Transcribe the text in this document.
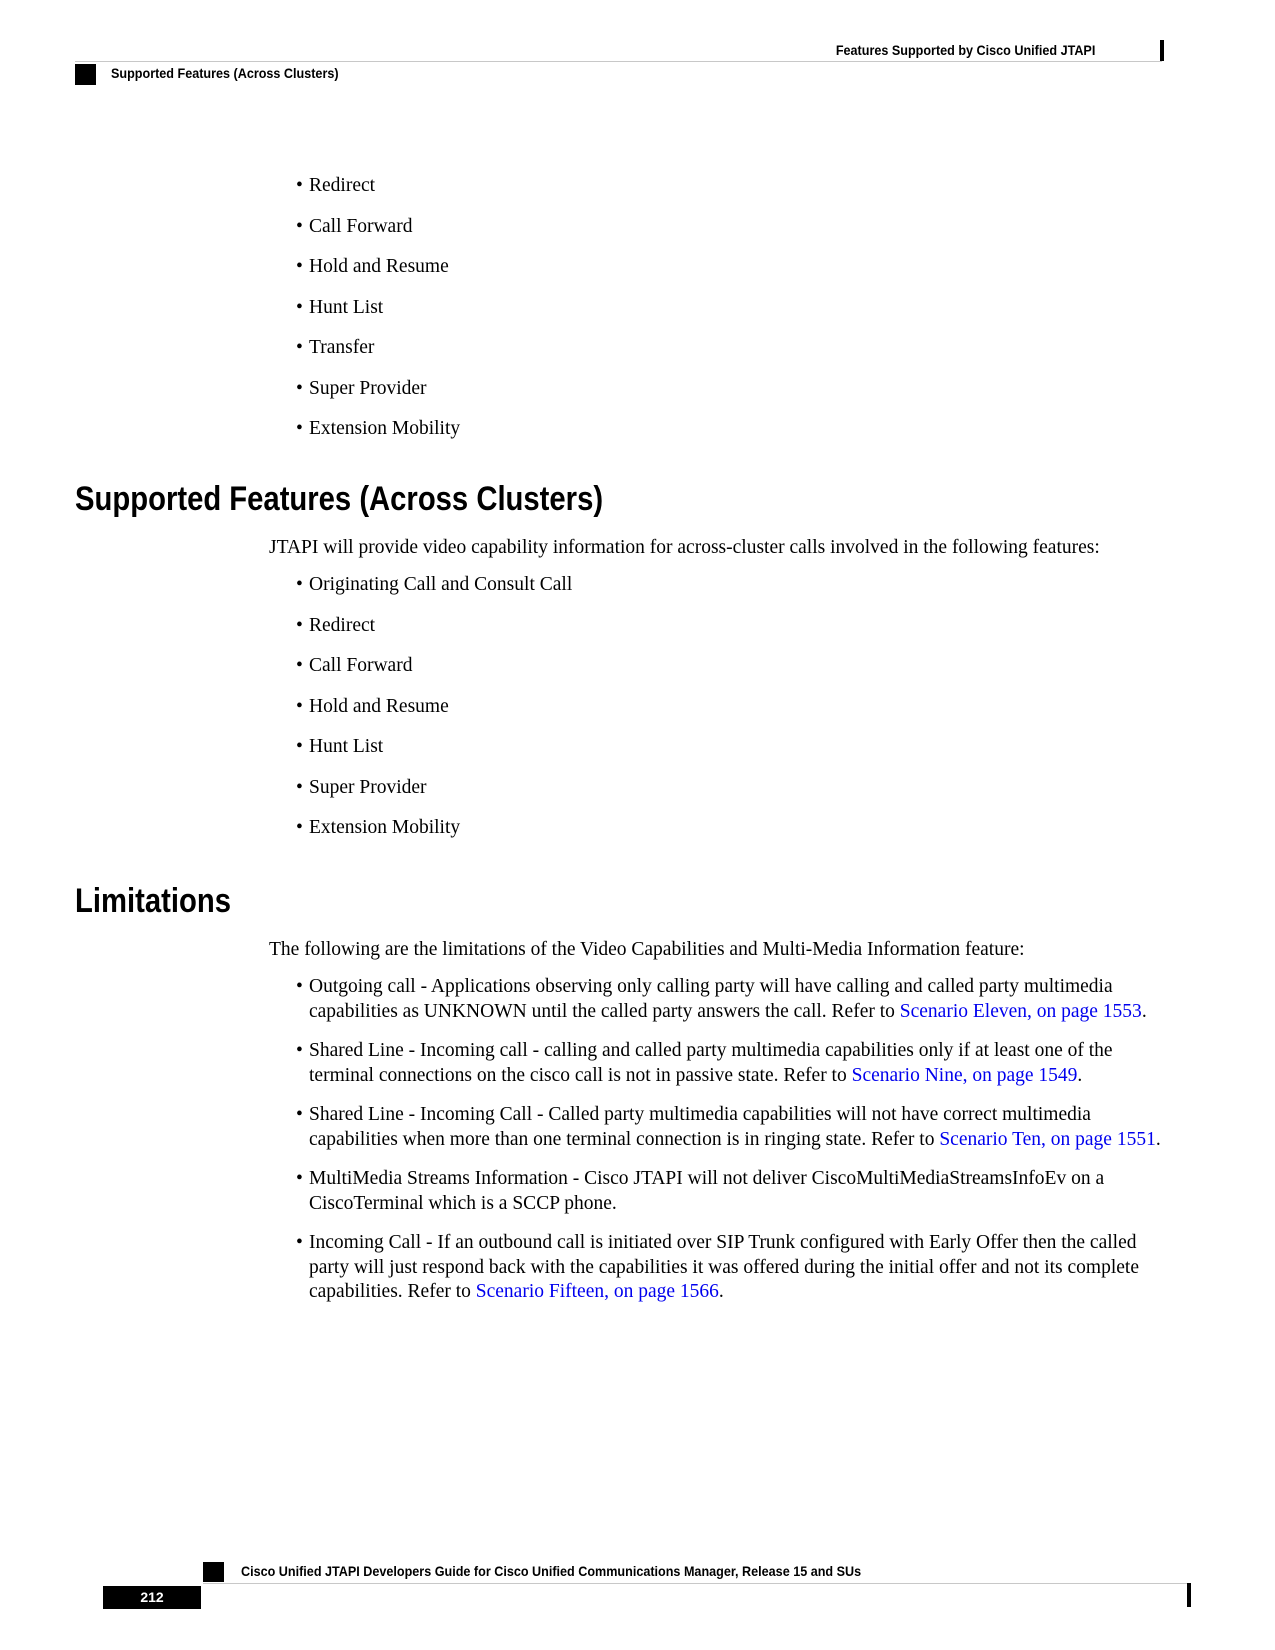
Features Supported by Cisco Unified JTAPI
Supported Features (Across Clusters)
• Redirect
• Call Forward
• Hold and Resume
• Hunt List
• Transfer
• Super Provider
• Extension Mobility
Supported Features (Across Clusters)

JTAPI will provide video capability information for across-cluster calls involved in the following features:

• Originating Call and Consult Call
• Redirect
• Call Forward
• Hold and Resume
• Hunt List
• Super Provider
• Extension Mobility
Limitations

The following are the limitations of the Video Capabilities and Multi-Media Information feature:

• Outgoing call - Applications observing only calling party will have calling and called party multimedia capabilities as UNKNOWN until the called party answers the call. Refer to Scenario Eleven, on page 1553.
• Shared Line - Incoming call - calling and called party multimedia capabilities only if at least one of the terminal connections on the cisco call is not in passive state. Refer to Scenario Nine, on page 1549.
• Shared Line - Incoming Call - Called party multimedia capabilities will not have correct multimedia capabilities when more than one terminal connection is in ringing state. Refer to Scenario Ten, on page 1551.
• MultiMedia Streams Information - Cisco JTAPI will not deliver CiscoMultiMediaStreamsInfoEv on a CiscoTerminal which is a SCCP phone.
• Incoming Call - If an outbound call is initiated over SIP Trunk configured with Early Offer then the called party will just respond back with the capabilities it was offered during the initial offer and not its complete capabilities. Refer to Scenario Fifteen, on page 1566.
Cisco Unified JTAPI Developers Guide for Cisco Unified Communications Manager, Release 15 and SUs
212
